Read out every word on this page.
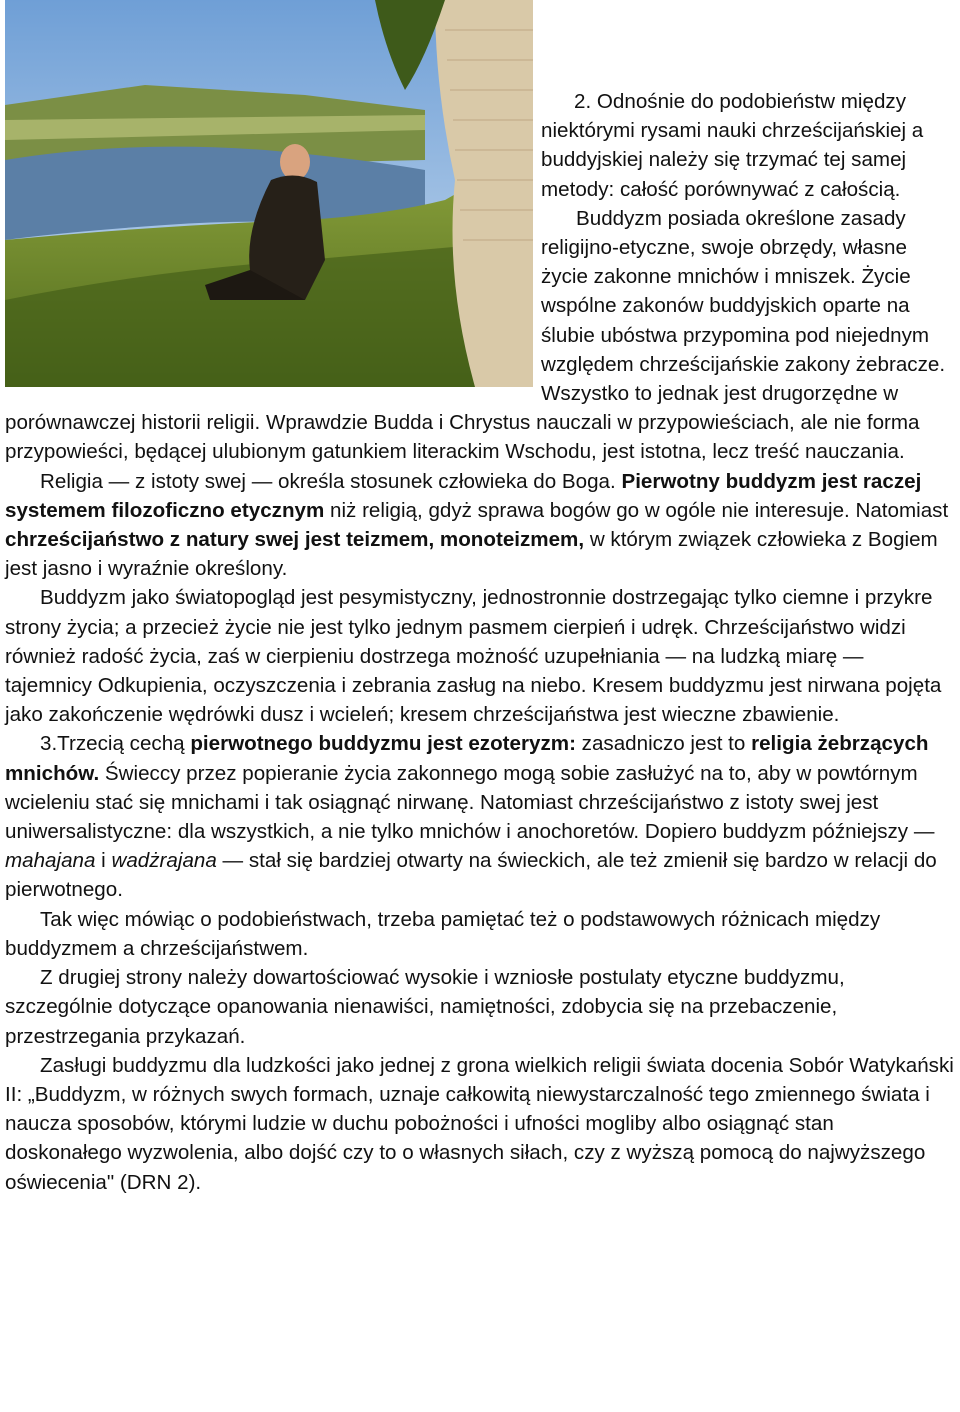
2. Odnośnie do podobieństw między niektórymi rysami nauki chrześcijańskiej a buddyjskiej należy się trzymać tej samej metody: całość porównywać z całością.

Buddyzm posiada określone zasady religijno-etyczne, swoje obrzędy, własne życie zakonne mnichów i mniszek. Życie wspólne zakonów buddyjskich oparte na ślubie ubóstwa przypomina pod niejednym względem chrześcijańskie zakony żebracze. Wszystko to jednak jest drugorzędne w porównawczej historii religii. Wprawdzie Budda i Chrystus nauczali w przypowieściach, ale nie forma przypowieści, będącej ulubionym gatunkiem literackim Wschodu, jest istotna, lecz treść nauczania.

Religia — z istoty swej — określa stosunek człowieka do Boga. Pierwotny buddyzm jest raczej systemem filozoficzno etycznym niż religią, gdyż sprawa bogów go w ogóle nie interesuje. Natomiast chrześcijaństwo z natury swej jest teizmem, monoteizmem, w którym związek człowieka z Bogiem jest jasno i wyraźnie określony.

Buddyzm jako światopogląd jest pesymistyczny, jednostronnie dostrzegając tylko ciemne i przykre strony życia; a przecież życie nie jest tylko jednym pasmem cierpień i udręk. Chrześcijaństwo widzi również radość życia, zaś w cierpieniu dostrzega możność uzupełniania — na ludzką miarę — tajemnicy Odkupienia, oczyszczenia i zebrania zasług na niebo. Kresem buddyzmu jest nirwana pojęta jako zakończenie wędrówki dusz i wcieleń; kresem chrześcijaństwa jest wieczne zbawienie.

3.Trzecią cechą pierwotnego buddyzmu jest ezoteryzm: zasadniczo jest to religia żebrzących mnichów. Świeccy przez popieranie życia zakonnego mogą sobie zasłużyć na to, aby w powtórnym wcieleniu stać się mnichami i tak osiągnąć nirwanę. Natomiast chrześcijaństwo z istoty swej jest uniwersalistyczne: dla wszystkich, a nie tylko mnichów i anochoretów. Dopiero buddyzm późniejszy — mahajana i wadżrajana — stał się bardziej otwarty na świeckich, ale też zmienił się bardzo w relacji do pierwotnego.

Tak więc mówiąc o podobieństwach, trzeba pamiętać też o podstawowych różnicach między buddyzmem a chrześcijaństwem.

Z drugiej strony należy dowartościować wysokie i wzniosłe postulaty etyczne buddyzmu, szczególnie dotyczące opanowania nienawiści, namiętności, zdobycia się na przebaczenie, przestrzegania przykazań.

Zasługi buddyzmu dla ludzkości jako jednej z grona wielkich religii świata docenia Sobór Watykański II: „Buddyzm, w różnych swych formach, uznaje całkowitą niewystarczalność tego zmiennego świata i naucza sposobów, którymi ludzie w duchu pobożności i ufności mogliby albo osiągnąć stan doskonałego wyzwolenia, albo dojść czy to o własnych siłach, czy z wyższą pomocą do najwyższego oświecenia" (DRN 2).
